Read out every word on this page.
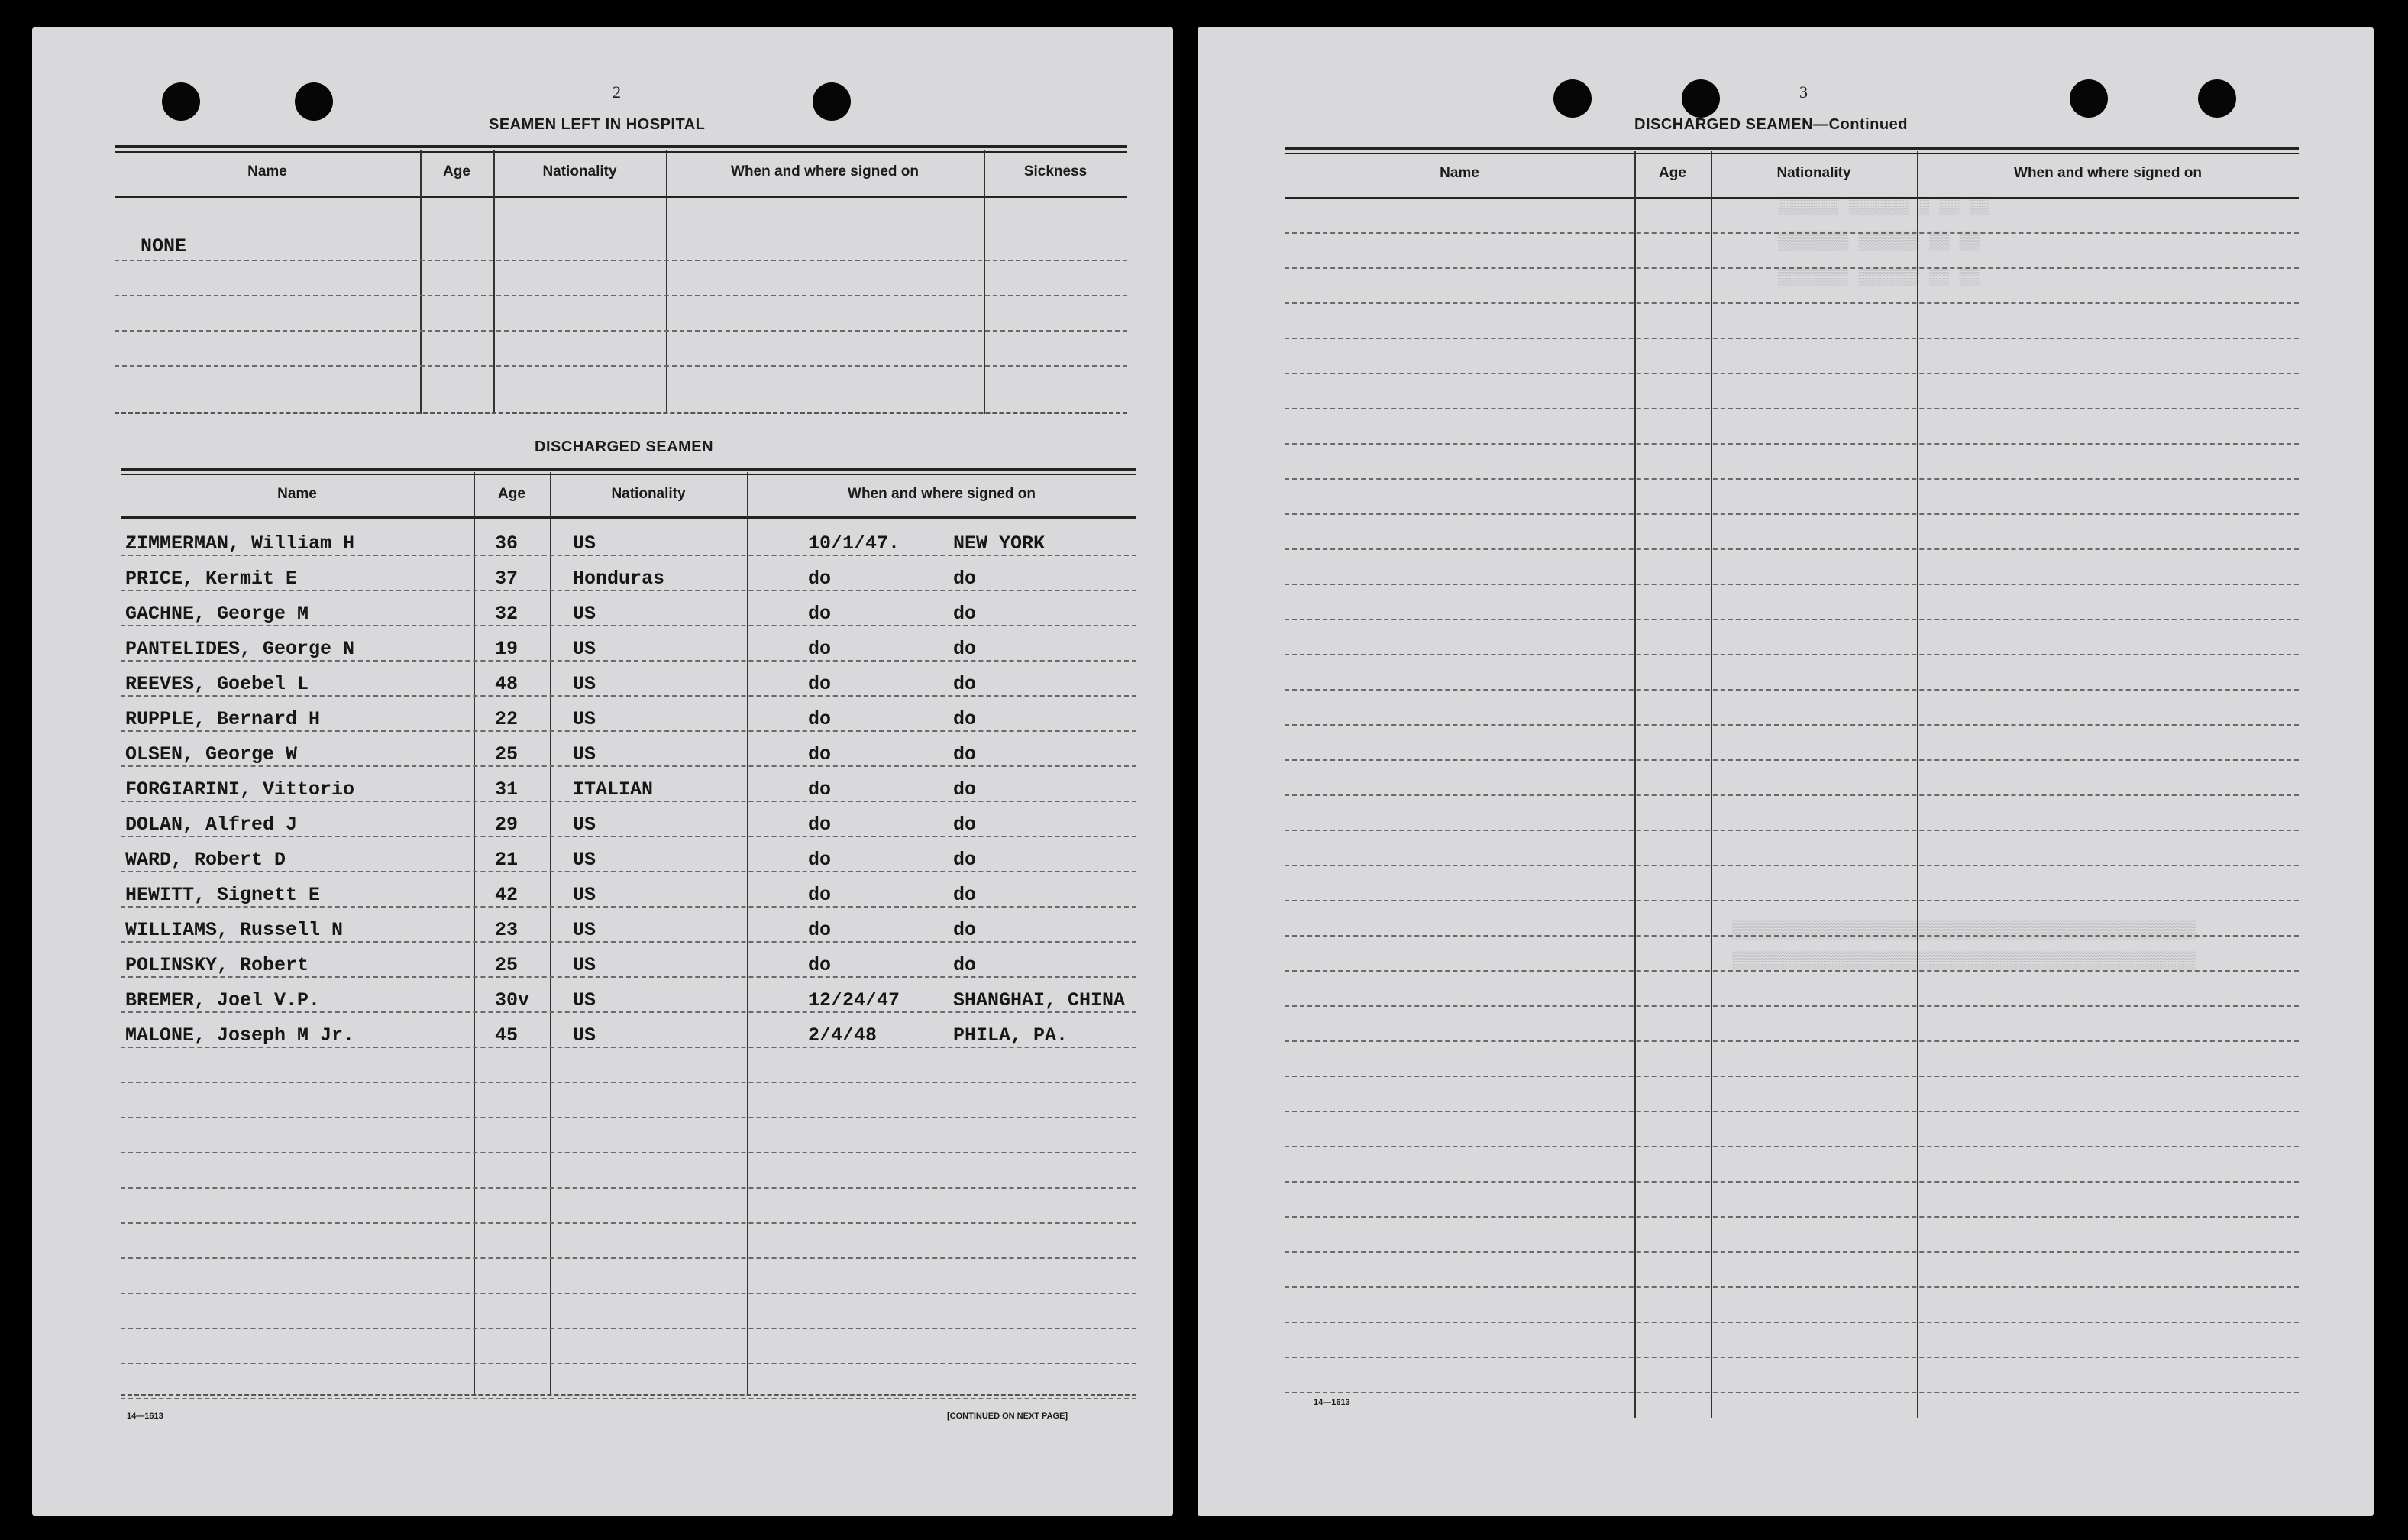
2
SEAMEN LEFT IN HOSPITAL
Name	Age	Nationality	When and where signed on	Sickness
NONE
DISCHARGED SEAMEN
Name	Age	Nationality	When and where signed on
ZIMMERMAN, William H	36	US	10/1/47.	NEW YORK
PRICE, Kermit E	37	Honduras	do	do
GACHNE, George M	32	US	do	do
PANTELIDES, George N	19	US	do	do
REEVES, Goebel L	48	US	do	do
RUPPLE, Bernard H	22	US	do	do
OLSEN, George W	25	US	do	do
FORGIARINI, Vittorio	31	ITALIAN	do	do
DOLAN, Alfred J	29	US	do	do
WARD, Robert D	21	US	do	do
HEWITT, Signett E	42	US	do	do
WILLIAMS, Russell N	23	US	do	do
POLINSKY, Robert	25	US	do	do
BREMER, Joel V.P.	30v US	12/24/47	SHANGHAI, CHINA
MALONE, Joseph M Jr.	45	US	2/4/48	PHILA, PA.
14—1613	[CONTINUED ON NEXT PAGE]
3
DISCHARGED SEAMEN—Continued
Name	Age	Nationality	When and where signed on
▒▒▒▒▒▒ ▒▒▒▒▒▒ ▒ ▒▒ ▒▒
▒▒▒▒▒▒▒ ▒▒▒▒▒▒ ▒▒ ▒▒
▒▒▒▒▒▒▒ ▒▒▒▒▒▒ ▒▒ ▒▒
▒▒▒▒▒▒▒▒▒▒▒▒▒▒▒▒▒▒▒▒▒▒▒▒▒▒▒▒▒▒▒▒▒▒▒▒▒▒▒▒▒▒▒▒▒▒
▒▒▒▒▒▒▒▒▒▒▒▒▒▒▒▒▒▒▒▒▒▒▒▒▒▒▒▒▒▒▒▒▒▒▒▒▒▒▒▒▒▒▒▒▒▒
14—1613
